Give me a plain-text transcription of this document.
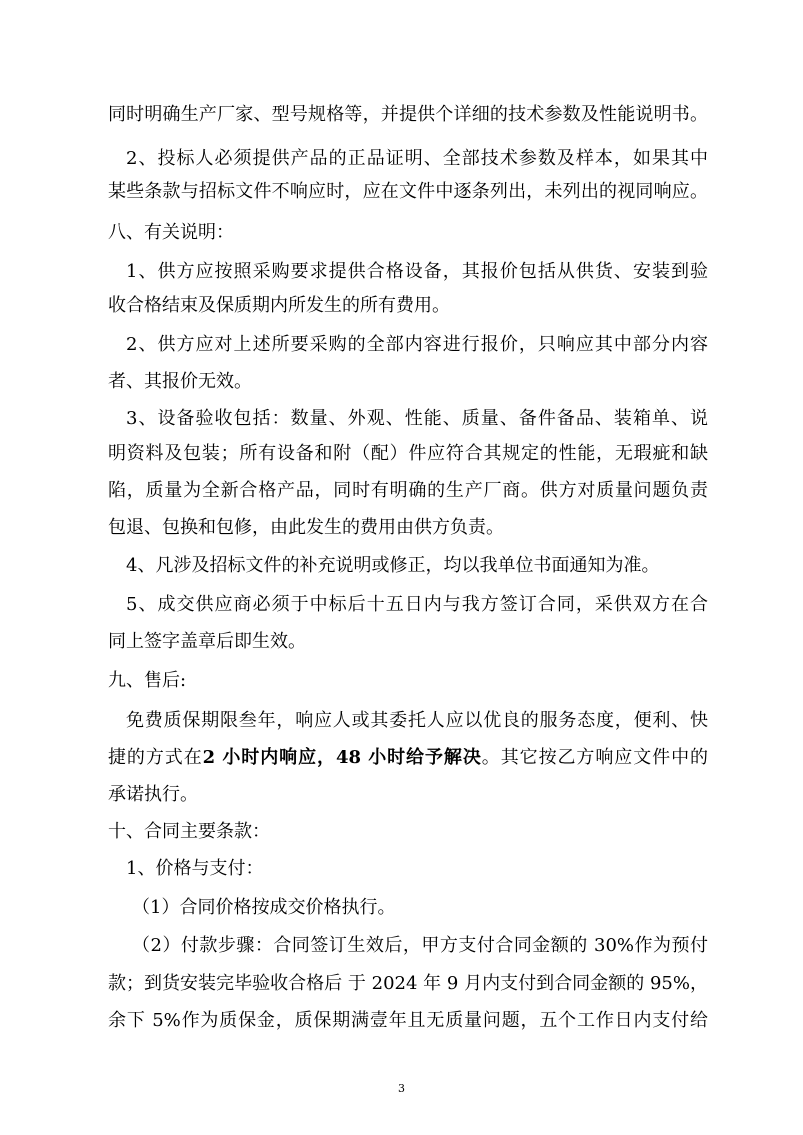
同时明确生产厂家、型号规格等，并提供个详细的技术参数及性能说明书。
2、投标人必须提供产品的正品证明、全部技术参数及样本，如果其中
某些条款与招标文件不响应时，应在文件中逐条列出，未列出的视同响应。
八、有关说明：
1、供方应按照采购要求提供合格设备，其报价包括从供货、安装到验
收合格结束及保质期内所发生的所有费用。
2、供方应对上述所要采购的全部内容进行报价，只响应其中部分内容
者、其报价无效。
3、设备验收包括：数量、外观、性能、质量、备件备品、装箱单、说
明资料及包装；所有设备和附（配）件应符合其规定的性能，无瑕疵和缺
陷，质量为全新合格产品，同时有明确的生产厂商。供方对质量问题负责
包退、包换和包修，由此发生的费用由供方负责。
4、凡涉及招标文件的补充说明或修正，均以我单位书面通知为准。
5、成交供应商必须于中标后十五日内与我方签订合同，采供双方在合
同上签字盖章后即生效。
九、售后:
免费质保期限叁年，响应人或其委托人应以优良的服务态度，便利、快
捷的方式在2 小时内响应，48 小时给予解决。其它按乙方响应文件中的
承诺执行。
十、合同主要条款：
1、价格与支付：
（1）合同价格按成交价格执行。
（2）付款步骤：合同签订生效后，甲方支付合同金额的 30%作为预付
款；到货安装完毕验收合格后 于 2024 年 9 月内支付到合同金额的 95%，
余下 5%作为质保金，质保期满壹年且无质量问题，五个工作日内支付给
3
